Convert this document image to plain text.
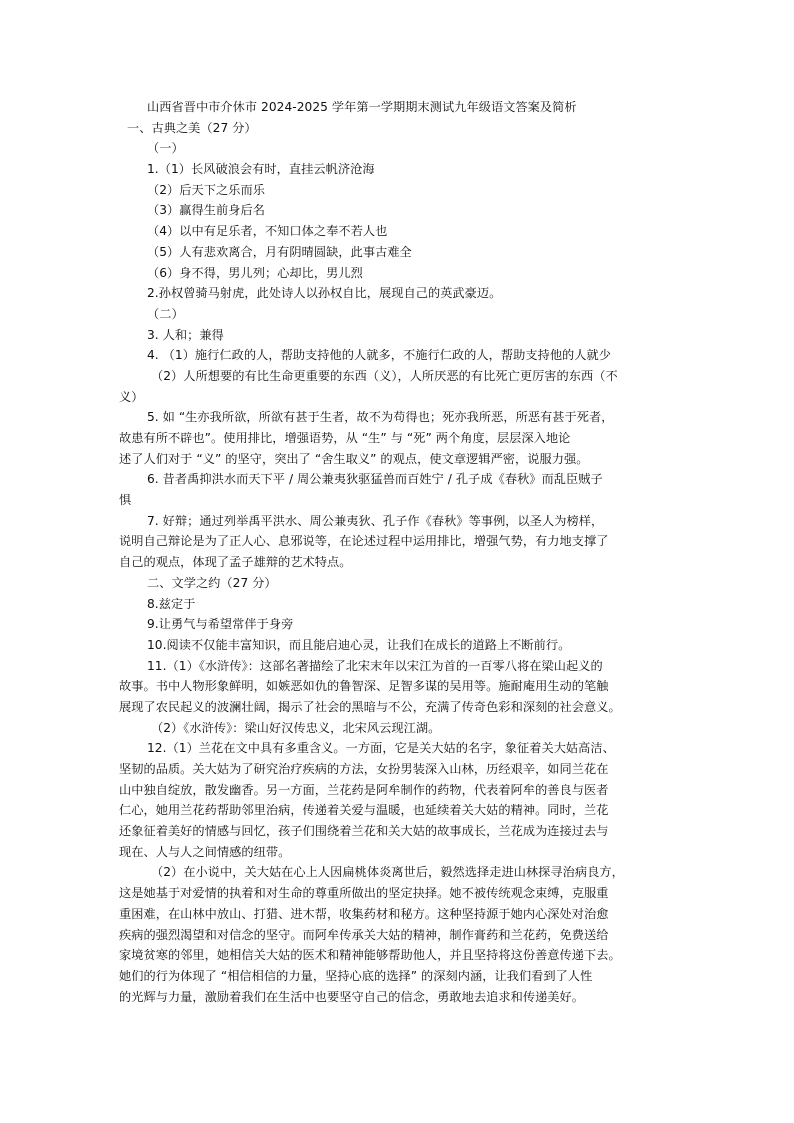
山西省晋中市介休市 2024-2025 学年第一学期期末测试九年级语文答案及简析
一、古典之美（27 分）
（一）
1.（1）长风破浪会有时，直挂云帆济沧海
（2）后天下之乐而乐
（3）赢得生前身后名
（4）以中有足乐者，不知口体之奉不若人也
（5）人有悲欢离合，月有阴晴圆缺，此事古难全
（6）身不得，男儿列；心却比，男儿烈
2.孙权曾骑马射虎，此处诗人以孙权自比，展现自己的英武豪迈。
（二）
3. 人和；兼得
4. （1）施行仁政的人，帮助支持他的人就多，不施行仁政的人，帮助支持他的人就少
（2）人所想要的有比生命更重要的东西（义），人所厌恶的有比死亡更厉害的东西（不
义）
5. 如 “生亦我所欲，所欲有甚于生者，故不为苟得也；死亦我所恶，所恶有甚于死者，
故患有所不辟也”。使用排比，增强语势，从 “生” 与 “死” 两个角度，层层深入地论
述了人们对于 “义” 的坚守，突出了 “舍生取义” 的观点，使文章逻辑严密，说服力强。
6. 昔者禹抑洪水而天下平 / 周公兼夷狄驱猛兽而百姓宁 / 孔子成《春秋》而乱臣贼子
惧
7. 好辩；通过列举禹平洪水、周公兼夷狄、孔子作《春秋》等事例，以圣人为榜样，
说明自己辩论是为了正人心、息邪说等，在论述过程中运用排比，增强气势，有力地支撑了
自己的观点，体现了孟子雄辩的艺术特点。
二、文学之约（27 分）
8.兹定于
9.让勇气与希望常伴于身旁
10.阅读不仅能丰富知识，而且能启迪心灵，让我们在成长的道路上不断前行。
11.（1）《水浒传》：这部名著描绘了北宋末年以宋江为首的一百零八将在梁山起义的
故事。书中人物形象鲜明，如嫉恶如仇的鲁智深、足智多谋的吴用等。施耐庵用生动的笔触
展现了农民起义的波澜壮阔，揭示了社会的黑暗与不公，充满了传奇色彩和深刻的社会意义。
（2）《水浒传》：梁山好汉传忠义，北宋风云现江湖。
12.（1）兰花在文中具有多重含义。一方面，它是关大姑的名字，象征着关大姑高洁、
坚韧的品质。关大姑为了研究治疗疾病的方法，女扮男装深入山林，历经艰辛，如同兰花在
山中独自绽放，散发幽香。另一方面，兰花药是阿牟制作的药物，代表着阿牟的善良与医者
仁心，她用兰花药帮助邻里治病，传递着关爱与温暖，也延续着关大姑的精神。同时，兰花
还象征着美好的情感与回忆，孩子们围绕着兰花和关大姑的故事成长，兰花成为连接过去与
现在、人与人之间情感的纽带。
（2）在小说中，关大姑在心上人因扁桃体炎离世后，毅然选择走进山林探寻治病良方，
这是她基于对爱情的执着和对生命的尊重所做出的坚定抉择。她不被传统观念束缚，克服重
重困难，在山林中放山、打猎、进木帮，收集药材和秘方。这种坚持源于她内心深处对治愈
疾病的强烈渴望和对信念的坚守。而阿牟传承关大姑的精神，制作膏药和兰花药，免费送给
家境贫寒的邻里，她相信关大姑的医术和精神能够帮助他人，并且坚持将这份善意传递下去。
她们的行为体现了 “相信相信的力量，坚持心底的选择” 的深刻内涵，让我们看到了人性
的光辉与力量，激励着我们在生活中也要坚守自己的信念，勇敢地去追求和传递美好。
